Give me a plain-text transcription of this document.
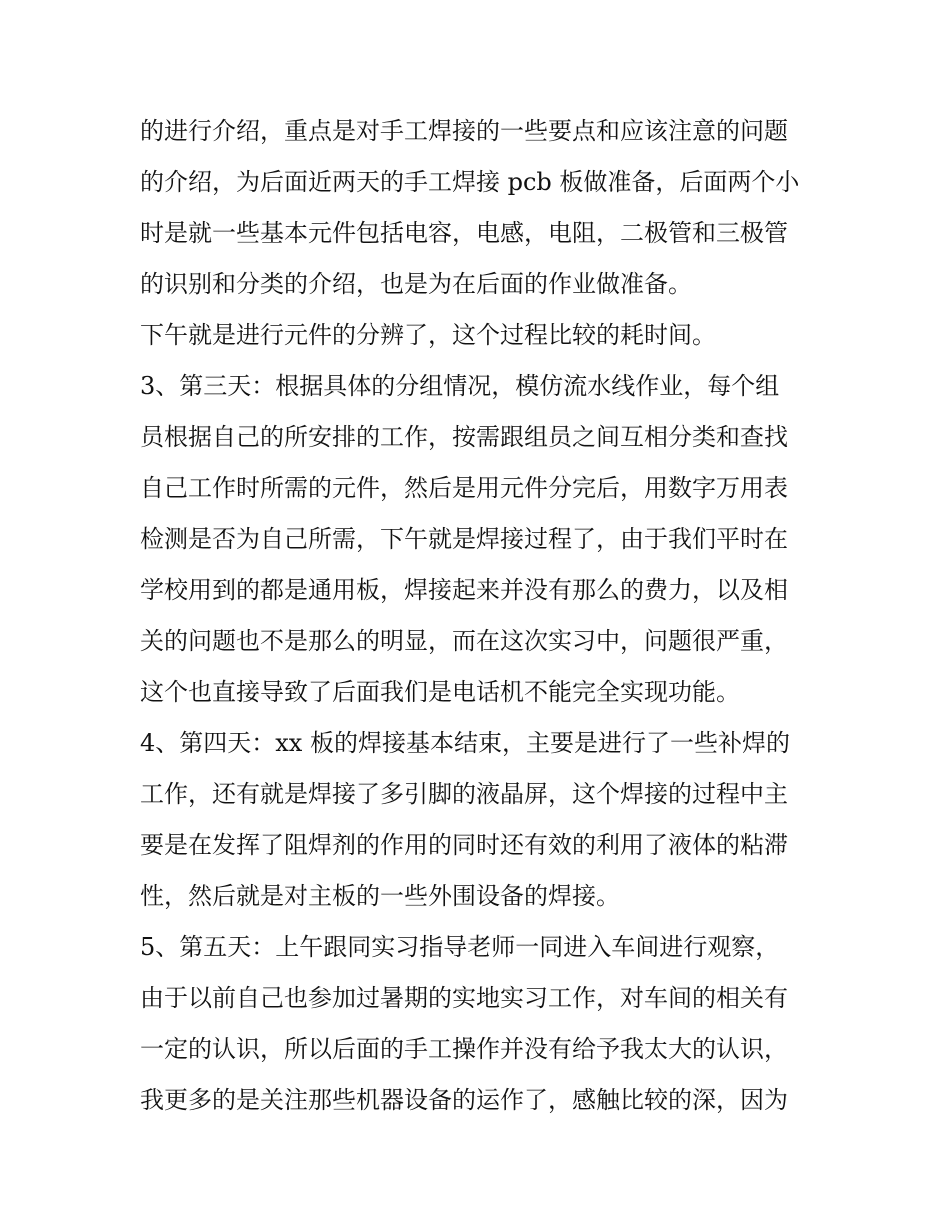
的进行介绍，重点是对手工焊接的一些要点和应该注意的问题
的介绍，为后面近两天的手工焊接 pcb 板做准备，后面两个小
时是就一些基本元件包括电容，电感，电阻，二极管和三极管
的识别和分类的介绍，也是为在后面的作业做准备。
下午就是进行元件的分辨了，这个过程比较的耗时间。
3、第三天：根据具体的分组情况，模仿流水线作业，每个组
员根据自己的所安排的工作，按需跟组员之间互相分类和查找
自己工作时所需的元件，然后是用元件分完后，用数字万用表
检测是否为自己所需，下午就是焊接过程了，由于我们平时在
学校用到的都是通用板，焊接起来并没有那么的费力，以及相
关的问题也不是那么的明显，而在这次实习中，问题很严重，
这个也直接导致了后面我们是电话机不能完全实现功能。
4、第四天：xx 板的焊接基本结束，主要是进行了一些补焊的
工作，还有就是焊接了多引脚的液晶屏，这个焊接的过程中主
要是在发挥了阻焊剂的作用的同时还有效的利用了液体的粘滞
性，然后就是对主板的一些外围设备的焊接。
5、第五天：上午跟同实习指导老师一同进入车间进行观察，
由于以前自己也参加过暑期的实地实习工作，对车间的相关有
一定的认识，所以后面的手工操作并没有给予我太大的认识，
我更多的是关注那些机器设备的运作了，感触比较的深，因为
